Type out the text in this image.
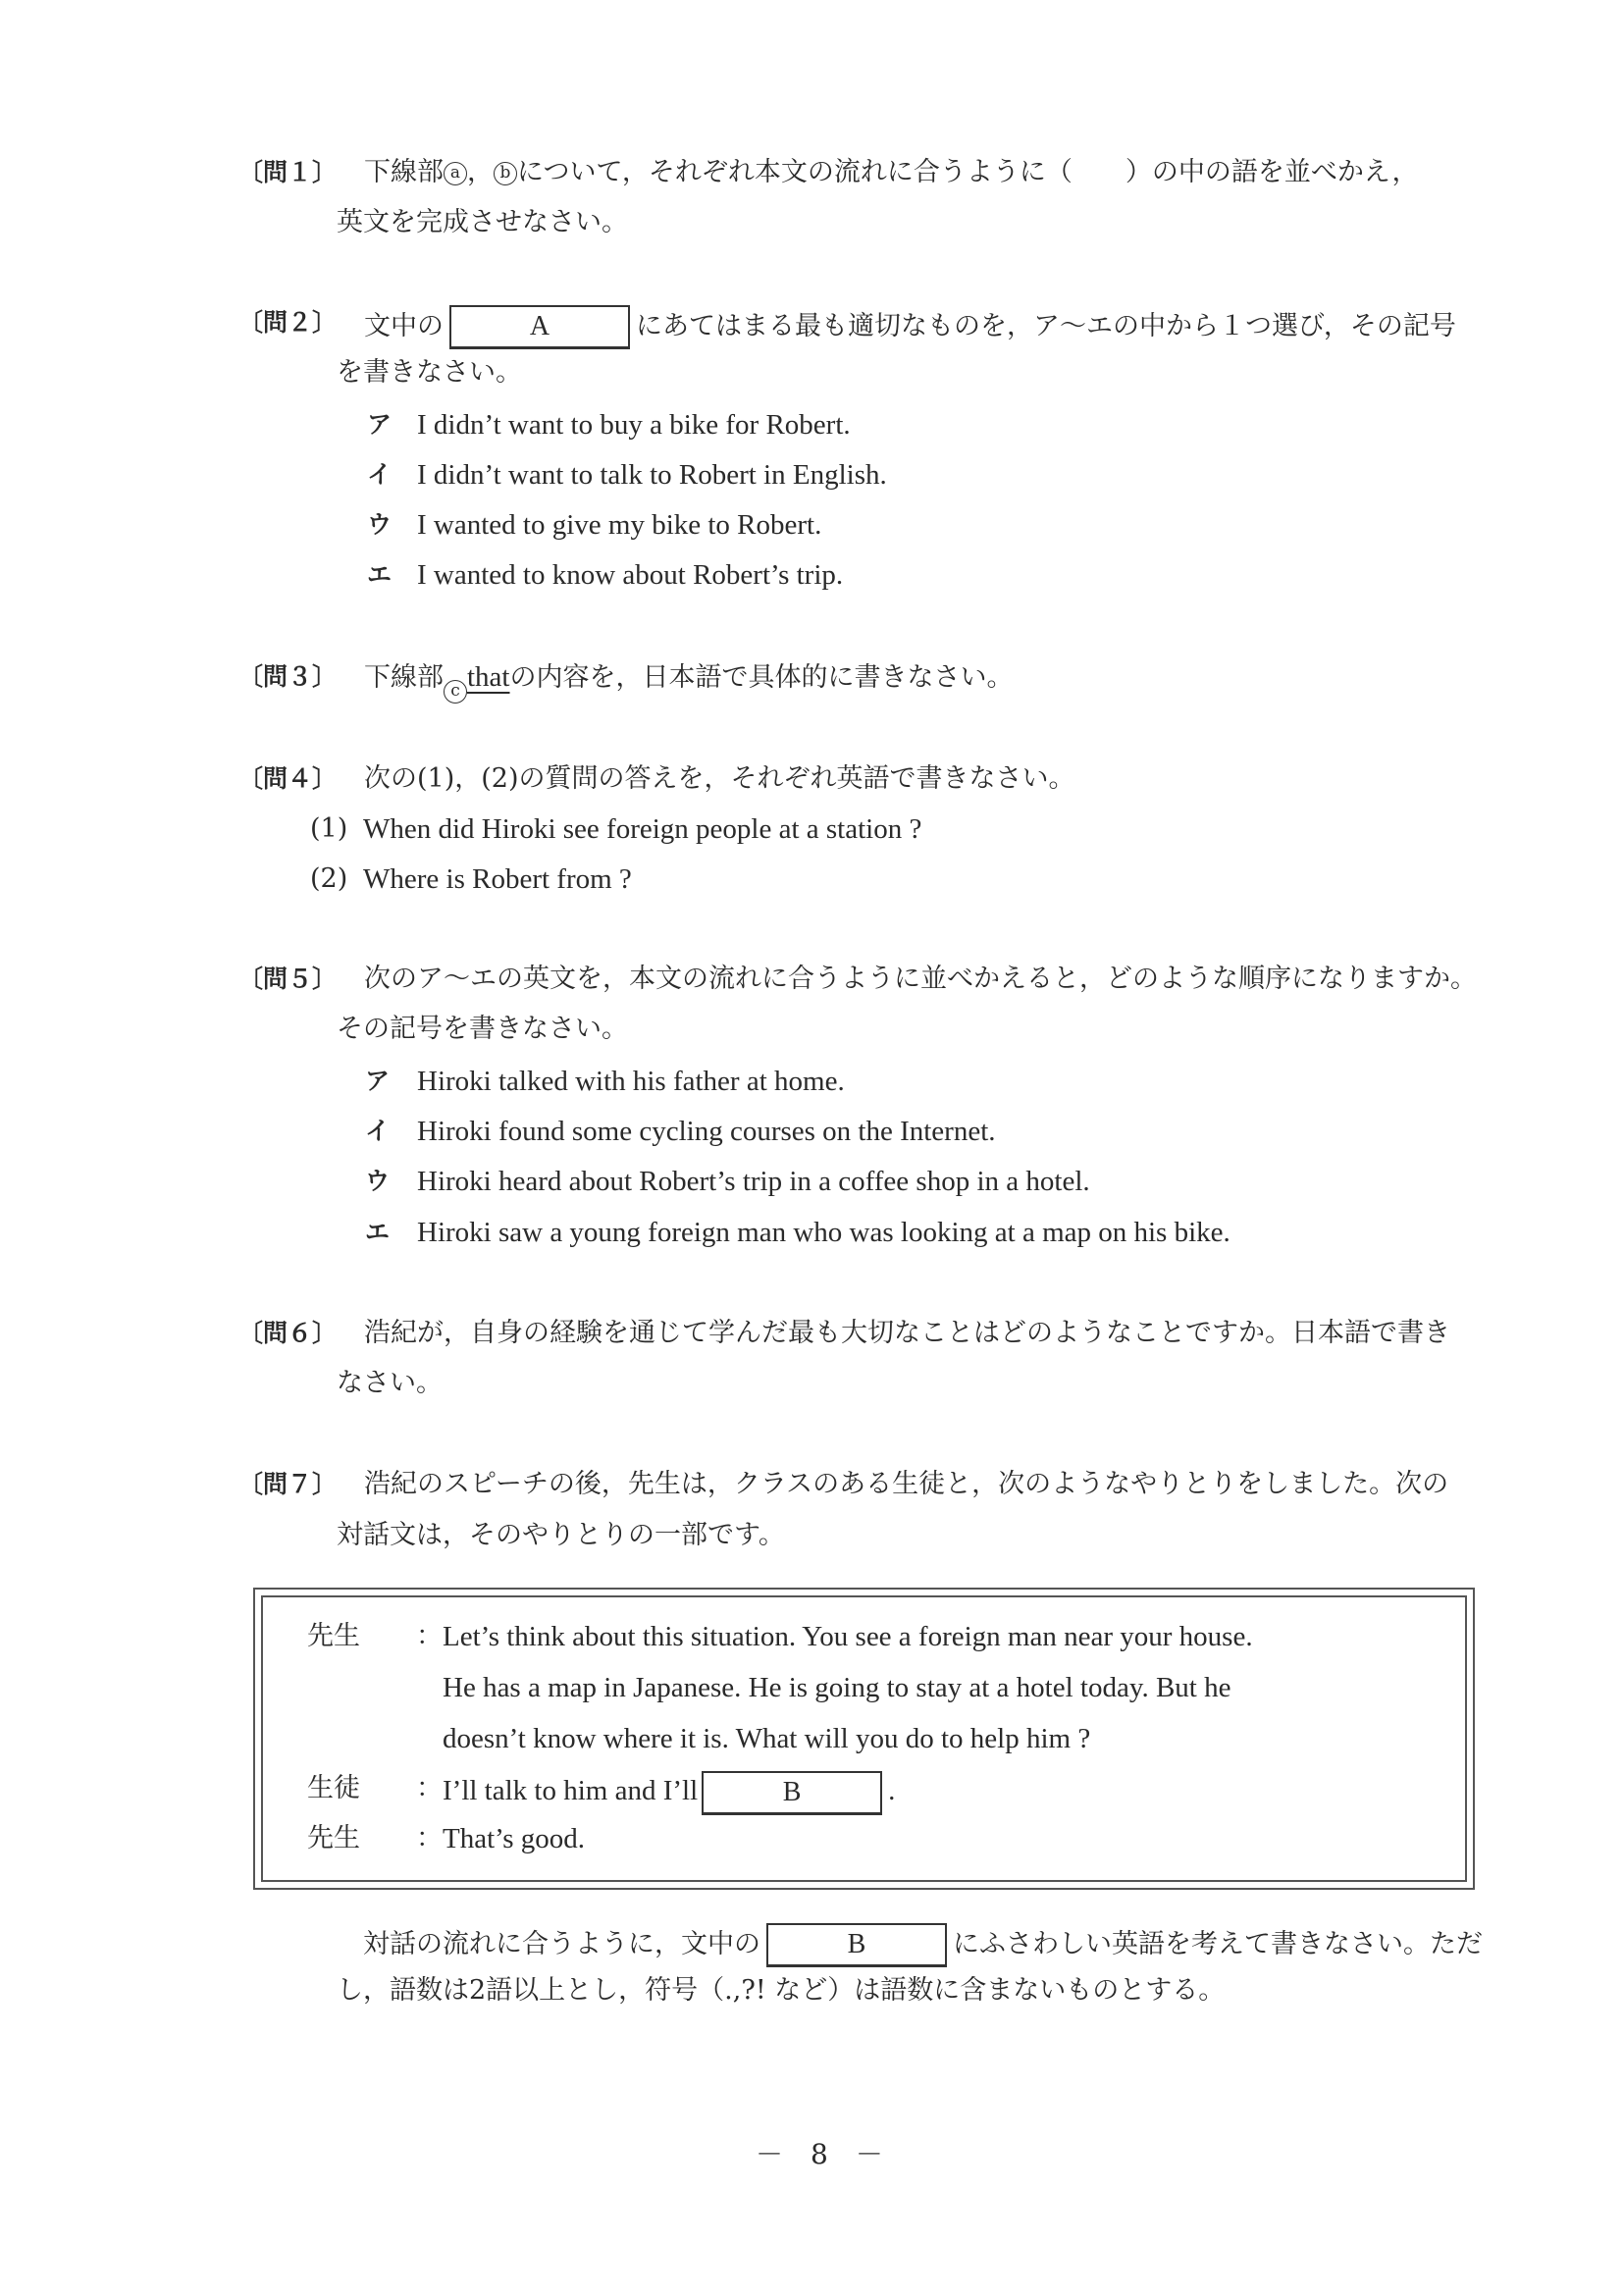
〔問１〕 下線部 a ， b について，それぞれ本文の流れに合うように（　　）の中の語を並べかえ，
英文を完成させなさい。
〔問２〕 文中の	A	にあてはまる最も適切なものを，ア～エの中から１つ選び，その記号
を書きなさい。
ア I didn’t want to buy a bike for Robert.
イ I didn’t want to talk to Robert in English.
ウ I wanted to give my bike to Robert.
エ I wanted to know about Robert’s trip.
〔問３〕 下線部 c thatの内容を，日本語で具体的に書きなさい。
〔問４〕 次の(1)，(2)の質問の答えを，それぞれ英語で書きなさい。
(1) When did Hiroki see foreign people at a station ?
(2) Where is Robert from ?
〔問５〕 次のア～エの英文を，本文の流れに合うように並べかえると，どのような順序になりますか。
その記号を書きなさい。
ア Hiroki talked with his father at home.
イ Hiroki found some cycling courses on the Internet.
ウ Hiroki heard about Robert’s trip in a coffee shop in a hotel.
エ Hiroki saw a young foreign man who was looking at a map on his bike.
〔問６〕 浩紀が，自身の経験を通じて学んだ最も大切なことはどのようなことですか。日本語で書き
なさい。
〔問７〕 浩紀のスピーチの後，先生は，クラスのある生徒と，次のようなやりとりをしました。次の
対話文は，そのやりとりの一部です。
先生 ： Let’s think about this situation. You see a foreign man near your house.
He has a map in Japanese. He is going to stay at a hotel today. But he
doesn’t know where it is. What will you do to help him ?
生徒 ： I’ll talk to him and I’ll	B	.
先生 ： That’s good.
対話の流れに合うように，文中の	B	にふさわしい英語を考えて書きなさい。ただ
し，語数は2語以上とし，符号（.,?! など）は語数に含まないものとする。
－　8　－
